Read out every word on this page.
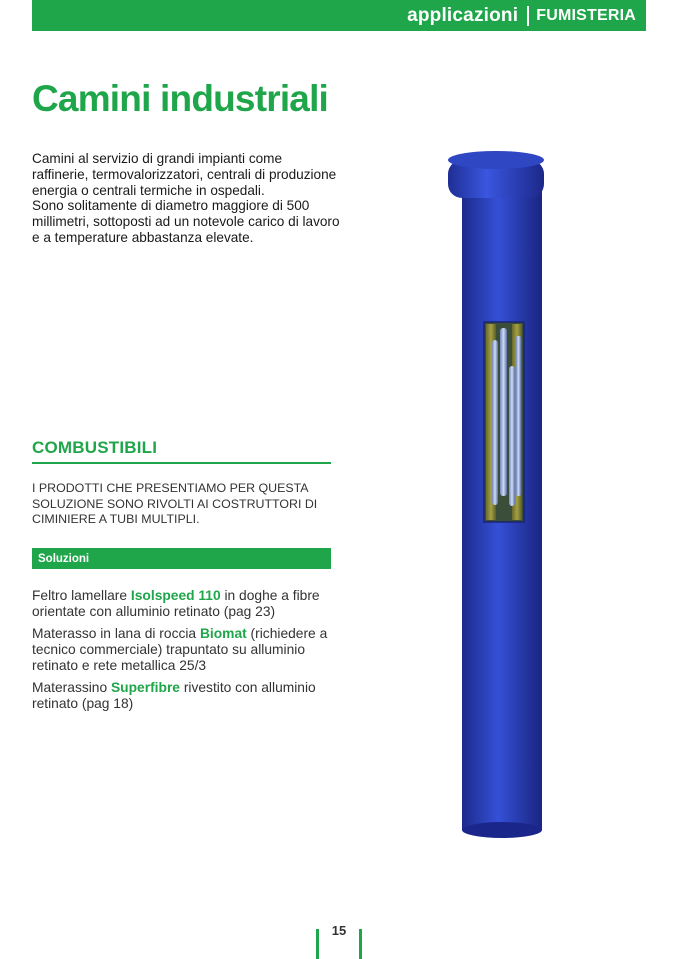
applicazioni FUMISTERIA
Camini industriali

Camini al servizio di grandi impianti come raffinerie, termovalorizzatori, centrali di produzione energia o centrali termiche in ospedali.

Sono solitamente di diametro maggiore di 500 millimetri, sottoposti ad un notevole carico di lavoro e a temperature abbastanza elevate.

COMBUSTIBILI
I PRODOTTI CHE PRESENTIAMO PER QUESTA SOLUZIONE SONO RIVOLTI AI COSTRUTTORI DI CIMINIERE A TUBI MULTIPLI.
Soluzioni

Feltro lamellare Isolspeed 110 in doghe a fibre orientate con alluminio retinato (pag 23)

Materasso in lana di roccia Biomat (richiedere a tecnico commerciale) trapuntato su alluminio retinato e rete metallica 25/3

Materassino Superfibre rivestito con alluminio retinato (pag 18)

15
